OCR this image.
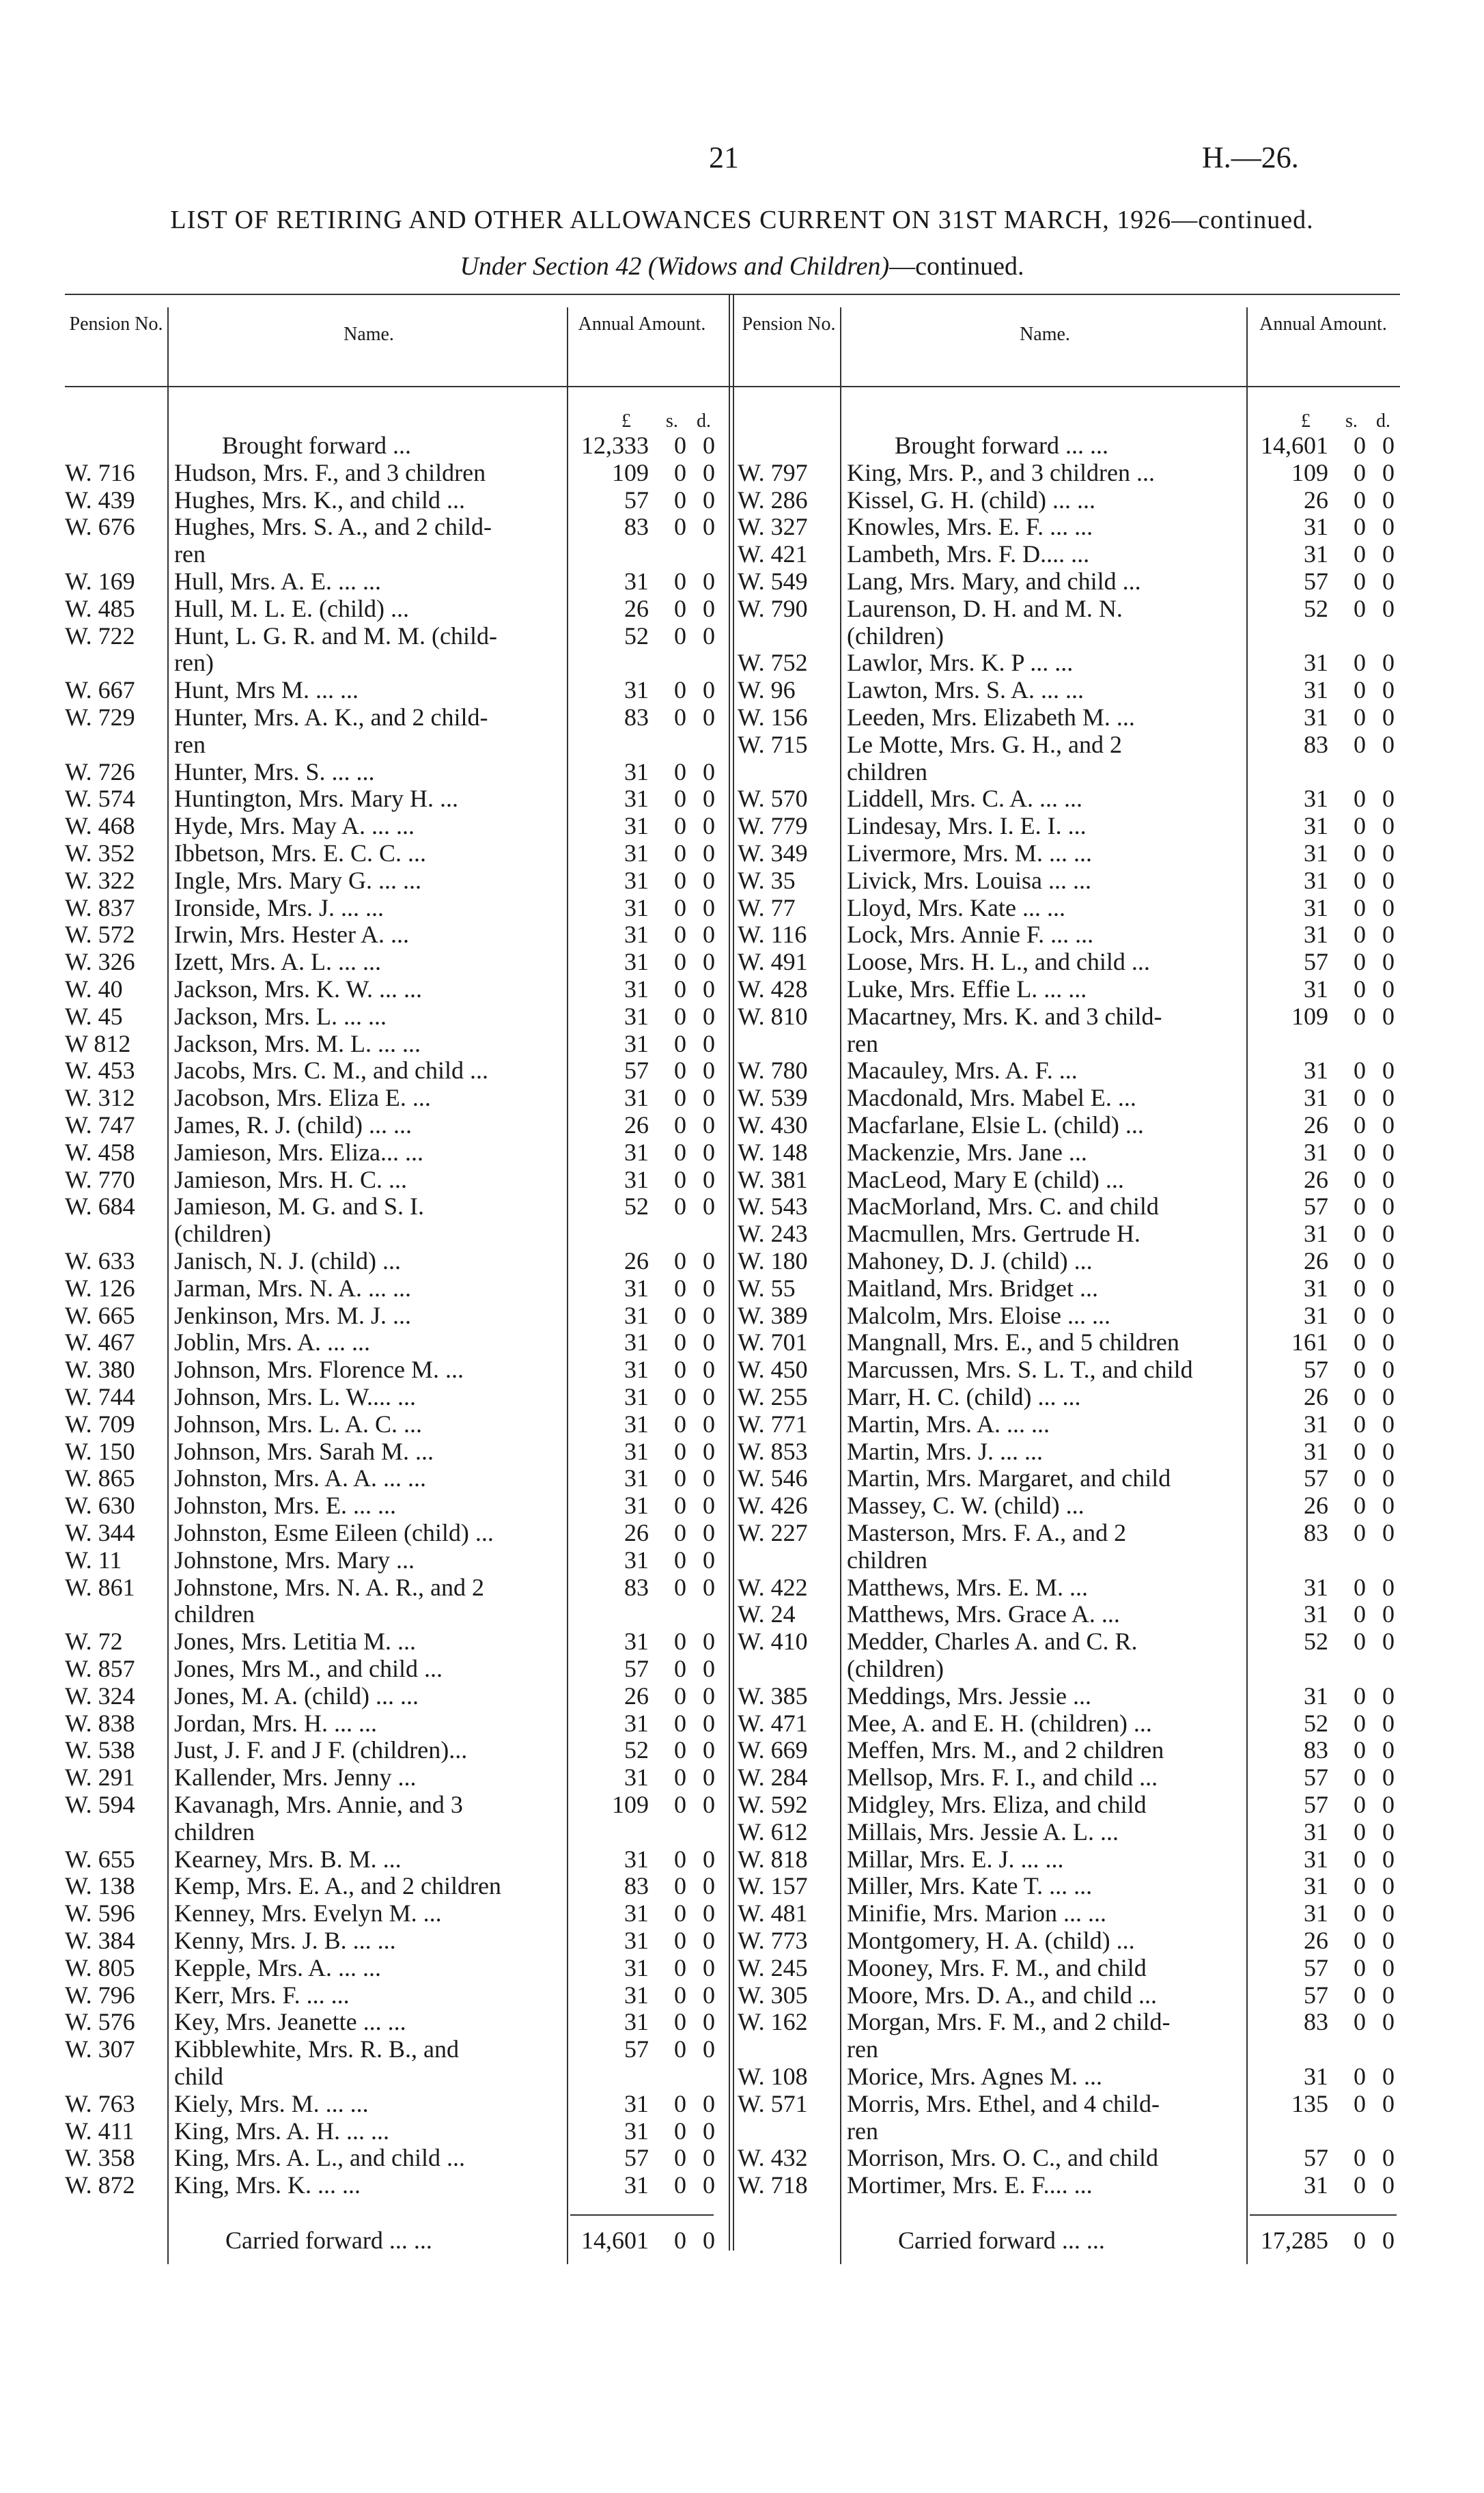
21	H.—26.
LIST OF RETIRING AND OTHER ALLOWANCES CURRENT ON 31ST MARCH, 1926—continued.
Under Section 42 (Widows and Children)—continued.
Pension No.	Name.	Annual Amount.
£ s. d.
Brought forward ...	12,333	0 0
W. 716 Hudson, Mrs. F., and 3 children	109	0 0
W. 439 Hughes, Mrs. K., and child ...	57	0 0
W. 676 Hughes, Mrs. S. A., and 2 child-	83	0 0
ren
W. 169 Hull, Mrs. A. E. ... ...	31	0 0
W. 485 Hull, M. L. E. (child) ...	26	0 0
W. 722 Hunt, L. G. R. and M. M. (child-	52	0 0
ren)
W. 667 Hunt, Mrs M. ... ...	31	0 0
W. 729 Hunter, Mrs. A. K., and 2 child-	83	0 0
ren
W. 726 Hunter, Mrs. S. ... ...	31	0 0
W. 574 Huntington, Mrs. Mary H. ...	31	0 0
W. 468 Hyde, Mrs. May A. ... ...	31	0 0
W. 352 Ibbetson, Mrs. E. C. C. ...	31	0 0
W. 322 Ingle, Mrs. Mary G. ... ...	31	0 0
W. 837 Ironside, Mrs. J. ... ...	31	0 0
W. 572 Irwin, Mrs. Hester A. ...	31	0 0
W. 326 Izett, Mrs. A. L. ... ...	31	0 0
W. 40 Jackson, Mrs. K. W. ... ...	31	0 0
W. 45 Jackson, Mrs. L. ... ...	31	0 0
W 812 Jackson, Mrs. M. L. ... ...	31	0 0
W. 453 Jacobs, Mrs. C. M., and child ...	57	0 0
W. 312 Jacobson, Mrs. Eliza E. ...	31	0 0
W. 747 James, R. J. (child) ... ...	26	0 0
W. 458 Jamieson, Mrs. Eliza... ...	31	0 0
W. 770 Jamieson, Mrs. H. C. ...	31	0 0
W. 684 Jamieson, M. G. and S. I.	52	0 0
(children)
W. 633 Janisch, N. J. (child) ...	26	0 0
W. 126 Jarman, Mrs. N. A. ... ...	31	0 0
W. 665 Jenkinson, Mrs. M. J. ...	31	0 0
W. 467 Joblin, Mrs. A. ... ...	31	0 0
W. 380 Johnson, Mrs. Florence M. ...	31	0 0
W. 744 Johnson, Mrs. L. W.... ...	31	0 0
W. 709 Johnson, Mrs. L. A. C. ...	31	0 0
W. 150 Johnson, Mrs. Sarah M. ...	31	0 0
W. 865 Johnston, Mrs. A. A. ... ...	31	0 0
W. 630 Johnston, Mrs. E. ... ...	31	0 0
W. 344 Johnston, Esme Eileen (child) ...	26	0 0
W. 11 Johnstone, Mrs. Mary ...	31	0 0
W. 861 Johnstone, Mrs. N. A. R., and 2	83	0 0
children
W. 72 Jones, Mrs. Letitia M. ...	31	0 0
W. 857 Jones, Mrs M., and child ...	57	0 0
W. 324 Jones, M. A. (child) ... ...	26	0 0
W. 838 Jordan, Mrs. H. ... ...	31	0 0
W. 538 Just, J. F. and J F. (children)...	52	0 0
W. 291 Kallender, Mrs. Jenny ...	31	0 0
W. 594 Kavanagh, Mrs. Annie, and 3	109	0 0
children
W. 655 Kearney, Mrs. B. M. ...	31	0 0
W. 138 Kemp, Mrs. E. A., and 2 children	83	0 0
W. 596 Kenney, Mrs. Evelyn M. ...	31	0 0
W. 384 Kenny, Mrs. J. B. ... ...	31	0 0
W. 805 Kepple, Mrs. A. ... ...	31	0 0
W. 796 Kerr, Mrs. F. ... ...	31	0 0
W. 576 Key, Mrs. Jeanette ... ...	31	0 0
W. 307 Kibblewhite, Mrs. R. B., and	57	0 0
child
W. 763 Kiely, Mrs. M. ... ...	31	0 0
W. 411 King, Mrs. A. H. ... ...	31	0 0
W. 358 King, Mrs. A. L., and child ...	57	0 0
W. 872 King, Mrs. K. ... ...	31	0 0
Carried forward ... ...	14,601	0 0
Pension No.	Name.	Annual Amount.
£ s. d.
Brought forward ... ...	14,601	0 0
W. 797 King, Mrs. P., and 3 children ...	109	0 0
W. 286 Kissel, G. H. (child) ... ...	26	0 0
W. 327 Knowles, Mrs. E. F. ... ...	31	0 0
W. 421 Lambeth, Mrs. F. D.... ...	31	0 0
W. 549 Lang, Mrs. Mary, and child ...	57	0 0
W. 790 Laurenson, D. H. and M. N.	52	0 0
(children)
W. 752 Lawlor, Mrs. K. P ... ...	31	0 0
W. 96 Lawton, Mrs. S. A. ... ...	31	0 0
W. 156 Leeden, Mrs. Elizabeth M. ...	31	0 0
W. 715 Le Motte, Mrs. G. H., and 2	83	0 0
children
W. 570 Liddell, Mrs. C. A. ... ...	31	0 0
W. 779 Lindesay, Mrs. I. E. I. ...	31	0 0
W. 349 Livermore, Mrs. M. ... ...	31	0 0
W. 35 Livick, Mrs. Louisa ... ...	31	0 0
W. 77 Lloyd, Mrs. Kate ... ...	31	0 0
W. 116 Lock, Mrs. Annie F. ... ...	31	0 0
W. 491 Loose, Mrs. H. L., and child ...	57	0 0
W. 428 Luke, Mrs. Effie L. ... ...	31	0 0
W. 810 Macartney, Mrs. K. and 3 child-	109	0 0
ren
W. 780 Macauley, Mrs. A. F. ...	31	0 0
W. 539 Macdonald, Mrs. Mabel E. ...	31	0 0
W. 430 Macfarlane, Elsie L. (child) ...	26	0 0
W. 148 Mackenzie, Mrs. Jane ...	31	0 0
W. 381 MacLeod, Mary E (child) ...	26	0 0
W. 543 MacMorland, Mrs. C. and child	57	0 0
W. 243 Macmullen, Mrs. Gertrude H.	31	0 0
W. 180 Mahoney, D. J. (child) ...	26	0 0
W. 55 Maitland, Mrs. Bridget ...	31	0 0
W. 389 Malcolm, Mrs. Eloise ... ...	31	0 0
W. 701 Mangnall, Mrs. E., and 5 children	161	0 0
W. 450 Marcussen, Mrs. S. L. T., and child	57	0 0
W. 255 Marr, H. C. (child) ... ...	26	0 0
W. 771 Martin, Mrs. A. ... ...	31	0 0
W. 853 Martin, Mrs. J. ... ...	31	0 0
W. 546 Martin, Mrs. Margaret, and child	57	0 0
W. 426 Massey, C. W. (child) ...	26	0 0
W. 227 Masterson, Mrs. F. A., and 2	83	0 0
children
W. 422 Matthews, Mrs. E. M. ...	31	0 0
W. 24 Matthews, Mrs. Grace A. ...	31	0 0
W. 410 Medder, Charles A. and C. R.	52	0 0
(children)
W. 385 Meddings, Mrs. Jessie ...	31	0 0
W. 471 Mee, A. and E. H. (children) ...	52	0 0
W. 669 Meffen, Mrs. M., and 2 children	83	0 0
W. 284 Mellsop, Mrs. F. I., and child ...	57	0 0
W. 592 Midgley, Mrs. Eliza, and child	57	0 0
W. 612 Millais, Mrs. Jessie A. L. ...	31	0 0
W. 818 Millar, Mrs. E. J. ... ...	31	0 0
W. 157 Miller, Mrs. Kate T. ... ...	31	0 0
W. 481 Minifie, Mrs. Marion ... ...	31	0 0
W. 773 Montgomery, H. A. (child) ...	26	0 0
W. 245 Mooney, Mrs. F. M., and child	57	0 0
W. 305 Moore, Mrs. D. A., and child ...	57	0 0
W. 162 Morgan, Mrs. F. M., and 2 child-	83	0 0
ren
W. 108 Morice, Mrs. Agnes M. ...	31	0 0
W. 571 Morris, Mrs. Ethel, and 4 child-	135	0 0
ren
W. 432 Morrison, Mrs. O. C., and child	57	0 0
W. 718 Mortimer, Mrs. E. F.... ...	31	0 0
Carried forward ... ...	17,285	0 0
